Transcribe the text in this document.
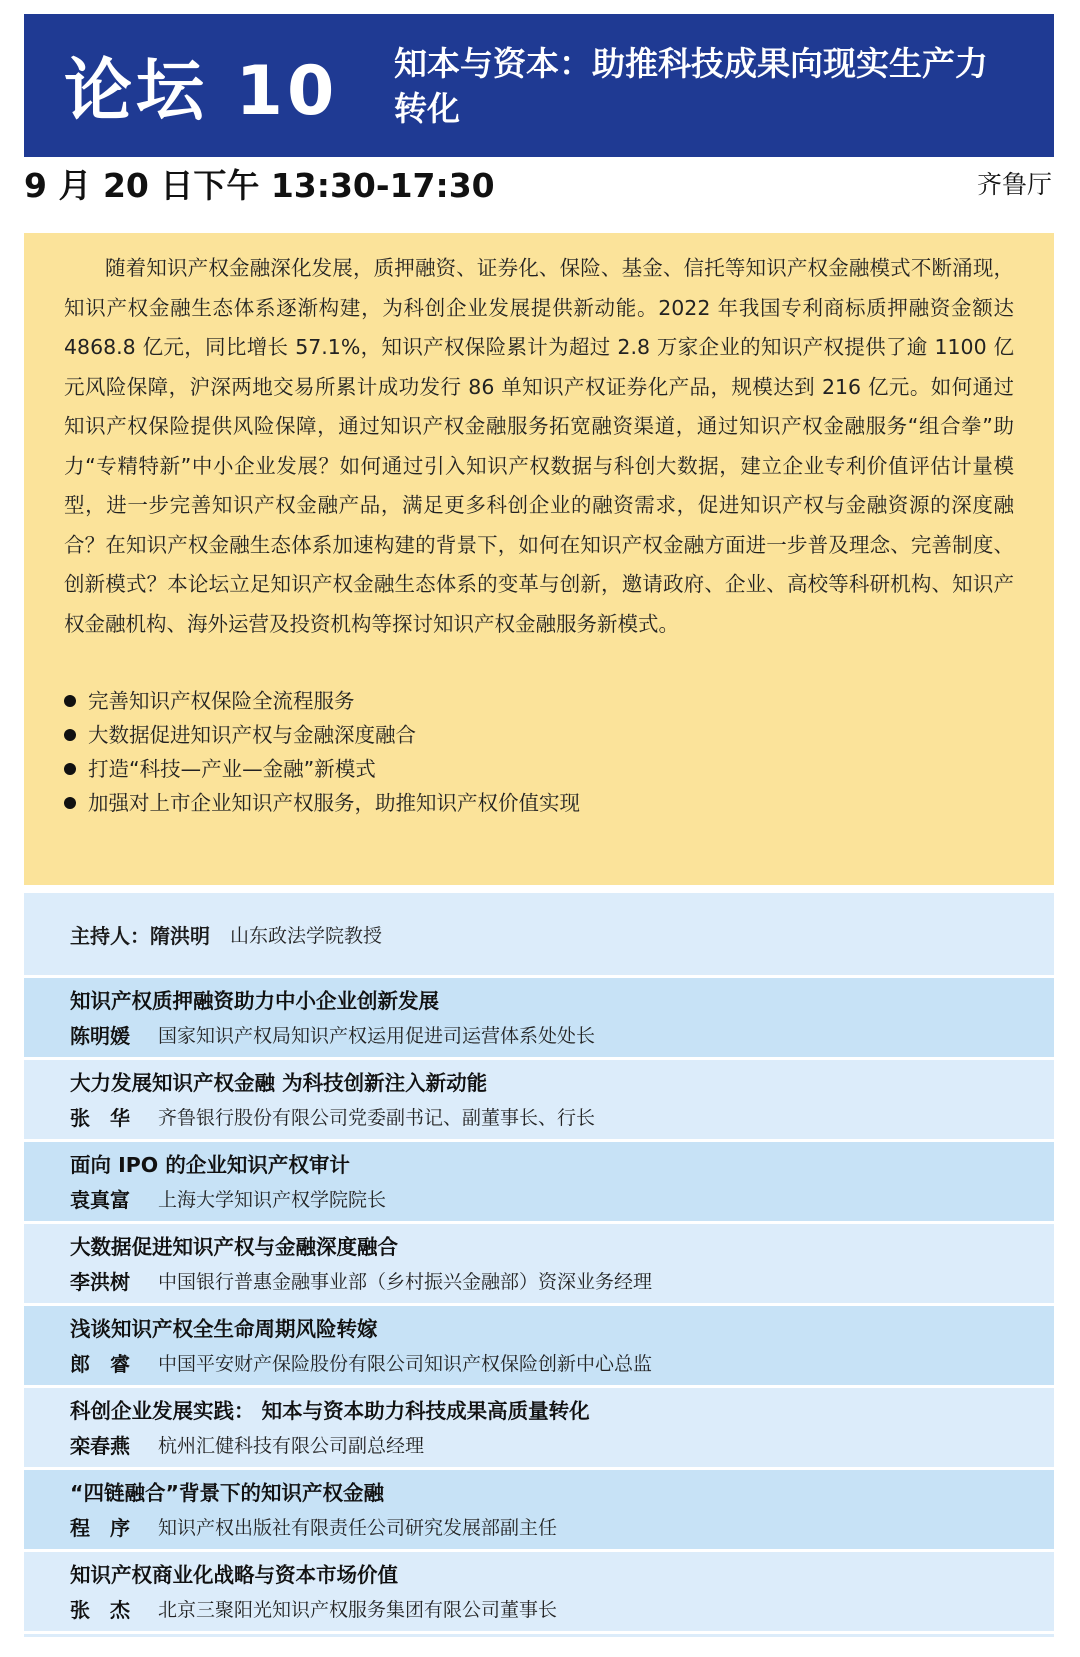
论坛 10	知本与资本：助推科技成果向现实生产力转化
9 月 20 日下午 13:30-17:30	齐鲁厅

随着知识产权金融深化发展，质押融资、证券化、保险、基金、信托等知识产权金融模式不断涌现，知识产权金融生态体系逐渐构建，为科创企业发展提供新动能。2022 年我国专利商标质押融资金额达 4868.8 亿元，同比增长 57.1%，知识产权保险累计为超过 2.8 万家企业的知识产权提供了逾 1100 亿元风险保障，沪深两地交易所累计成功发行 86 单知识产权证券化产品，规模达到 216 亿元。如何通过知识产权保险提供风险保障，通过知识产权金融服务拓宽融资渠道，通过知识产权金融服务“组合拳”助力“专精特新”中小企业发展？如何通过引入知识产权数据与科创大数据，建立企业专利价值评估计量模型，进一步完善知识产权金融产品，满足更多科创企业的融资需求，促进知识产权与金融资源的深度融合？在知识产权金融生态体系加速构建的背景下，如何在知识产权金融方面进一步普及理念、完善制度、创新模式？本论坛立足知识产权金融生态体系的变革与创新，邀请政府、企业、高校等科研机构、知识产权金融机构、海外运营及投资机构等探讨知识产权金融服务新模式。

完善知识产权保险全流程服务
大数据促进知识产权与金融深度融合
打造“科技—产业—金融”新模式
加强对上市企业知识产权服务，助推知识产权价值实现
主持人： 隋洪明 山东政法学院教授
知识产权质押融资助力中小企业创新发展
陈明媛	国家知识产权局知识产权运用促进司运营体系处处长
大力发展知识产权金融 为科技创新注入新动能
张　华	齐鲁银行股份有限公司党委副书记、副董事长、行长
面向 IPO 的企业知识产权审计
袁真富	上海大学知识产权学院院长
大数据促进知识产权与金融深度融合
李洪树	中国银行普惠金融事业部（乡村振兴金融部）资深业务经理
浅谈知识产权全生命周期风险转嫁
郎　睿	中国平安财产保险股份有限公司知识产权保险创新中心总监
科创企业发展实践： 知本与资本助力科技成果高质量转化
栾春燕	杭州汇健科技有限公司副总经理
“四链融合”背景下的知识产权金融
程　序	知识产权出版社有限责任公司研究发展部副主任
知识产权商业化战略与资本市场价值
张　杰	北京三聚阳光知识产权服务集团有限公司董事长
